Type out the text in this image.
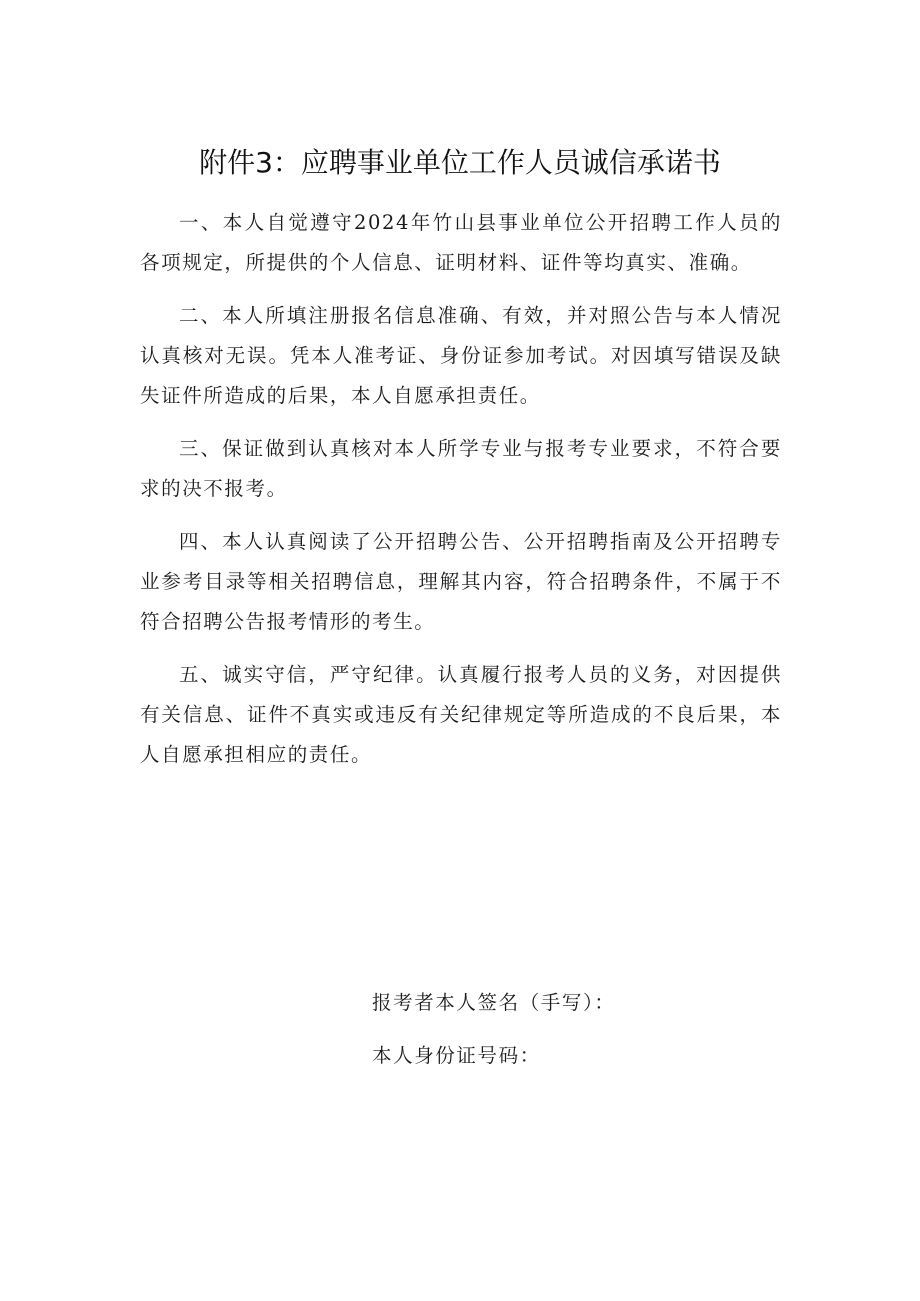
附件3：应聘事业单位工作人员诚信承诺书

一、本人自觉遵守2024年竹山县事业单位公开招聘工作人员的各项规定，所提供的个人信息、证明材料、证件等均真实、准确。

二、本人所填注册报名信息准确、有效，并对照公告与本人情况认真核对无误。凭本人准考证、身份证参加考试。对因填写错误及缺失证件所造成的后果，本人自愿承担责任。

三、保证做到认真核对本人所学专业与报考专业要求，不符合要求的决不报考。

四、本人认真阅读了公开招聘公告、公开招聘指南及公开招聘专业参考目录等相关招聘信息，理解其内容，符合招聘条件，不属于不符合招聘公告报考情形的考生。

五、诚实守信，严守纪律。认真履行报考人员的义务，对因提供有关信息、证件不真实或违反有关纪律规定等所造成的不良后果，本人自愿承担相应的责任。

报考者本人签名（手写）：
本人身份证号码：
